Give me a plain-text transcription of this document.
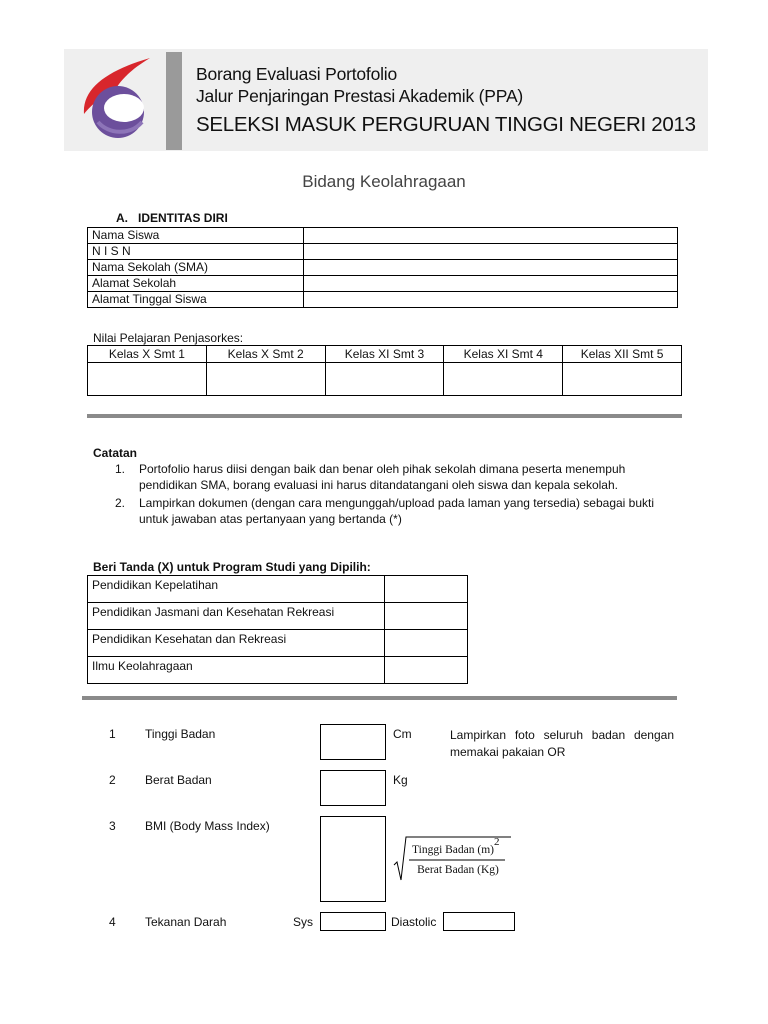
Borang Evaluasi Portofolio
Jalur Penjaringan Prestasi Akademik (PPA)
SELEKSI MASUK PERGURUAN TINGGI NEGERI 2013
Bidang Keolahragaan
A. IDENTITAS DIRI
Nama Siswa	
N I S N	
Nama Sekolah (SMA)	
Alamat Sekolah	
Alamat Tinggal Siswa	
Nilai Pelajaran Penjasorkes:
Kelas X Smt 1	Kelas X Smt 2	Kelas XI Smt 3	Kelas XI Smt 4	Kelas XII Smt 5

Catatan
1. Portofolio harus diisi dengan baik dan benar oleh pihak sekolah dimana peserta menempuh pendidikan SMA, borang evaluasi ini harus ditandatangani oleh siswa dan kepala sekolah.
2. Lampirkan dokumen (dengan cara mengunggah/upload pada laman yang tersedia) sebagai bukti untuk jawaban atas pertanyaan yang bertanda (*)
Beri Tanda (X) untuk Program Studi yang Dipilih:
Pendidikan Kepelatihan	
Pendidikan Jasmani dan Kesehatan Rekreasi	
Pendidikan Kesehatan dan Rekreasi	
Ilmu Keolahragaan	
1 Tinggi Badan	Cm	Lampirkan foto seluruh badan dengan memakai pakaian OR
2 Berat Badan	Kg
3 BMI (Body Mass Index)
Tinggi Badan (m)
2
Berat Badan (Kg)
4 Tekanan Darah	Sys	Diastolic
